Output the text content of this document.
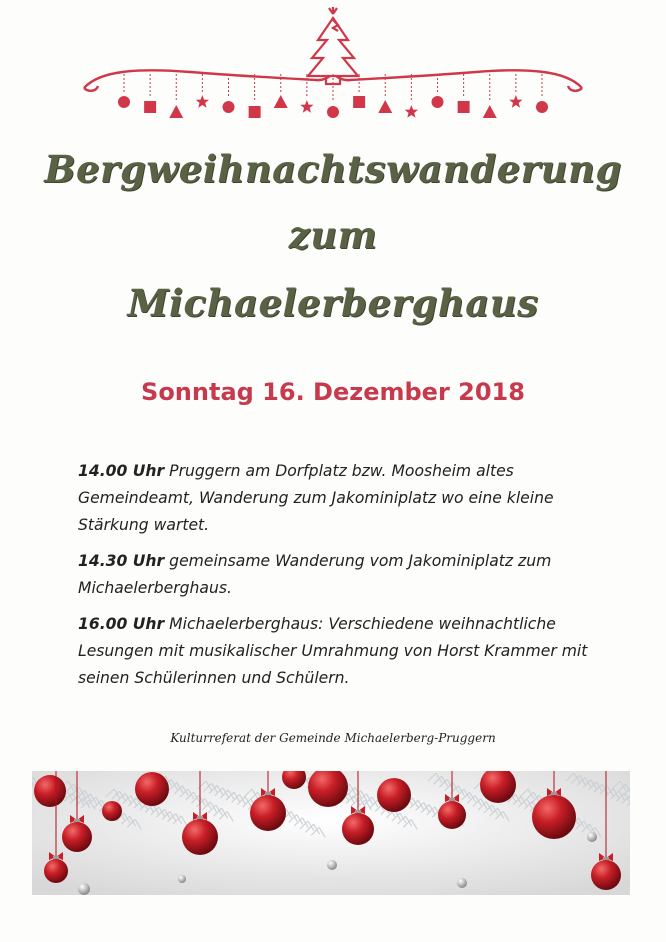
Bergweihnachtswanderung
zum
Michaelerberghaus
Sonntag 16. Dezember 2018

14.00 Uhr Pruggern am Dorfplatz bzw. Moosheim altes Gemeindeamt, Wanderung zum Jakominiplatz wo eine kleine Stärkung wartet.

14.30 Uhr gemeinsame Wanderung vom Jakominiplatz zum Michaelerberghaus.

16.00 Uhr Michaelerberghaus: Verschiedene weihnachtliche Lesungen mit musikalischer Umrahmung von Horst Krammer mit seinen Schülerinnen und Schülern.

Kulturreferat der Gemeinde Michaelerberg-Pruggern
